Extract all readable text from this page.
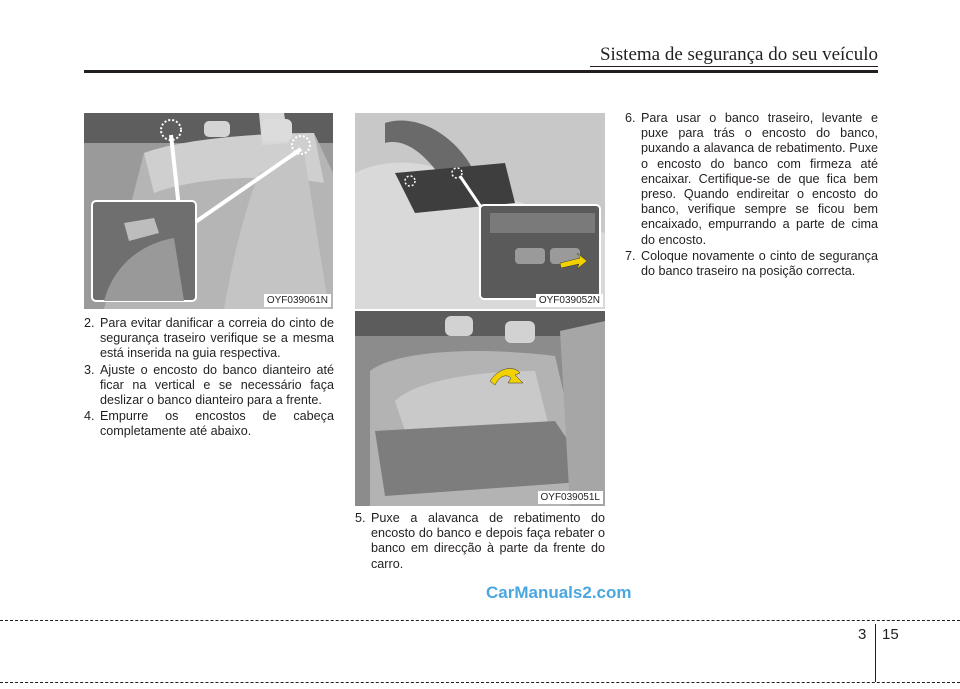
Sistema de segurança do seu veículo
OYF039061N	OYF039052N
OYF039051L
2. Para evitar danificar a correia do cinto de segurança traseiro verifique se a mesma está inserida na guia respectiva.
3. Ajuste o encosto do banco dianteiro até ficar na vertical e se necessário faça deslizar o banco dianteiro para a frente.
4. Empurre os encostos de cabeça completamente até abaixo.
5. Puxe a alavanca de rebatimento do encosto do banco e depois faça rebater o banco em direcção à parte da frente do carro.
6. Para usar o banco traseiro, levante e puxe para trás o encosto do banco, puxando a alavanca de rebatimento. Puxe o encosto do banco com firmeza até encaixar. Certifique-se de que fica bem preso. Quando endireitar o encosto do banco, verifique sempre se ficou bem encaixado, empurrando a parte de cima do encosto.
7. Coloque novamente o cinto de segurança do banco traseiro na posição correcta.
CarManuals2.com
3 15
